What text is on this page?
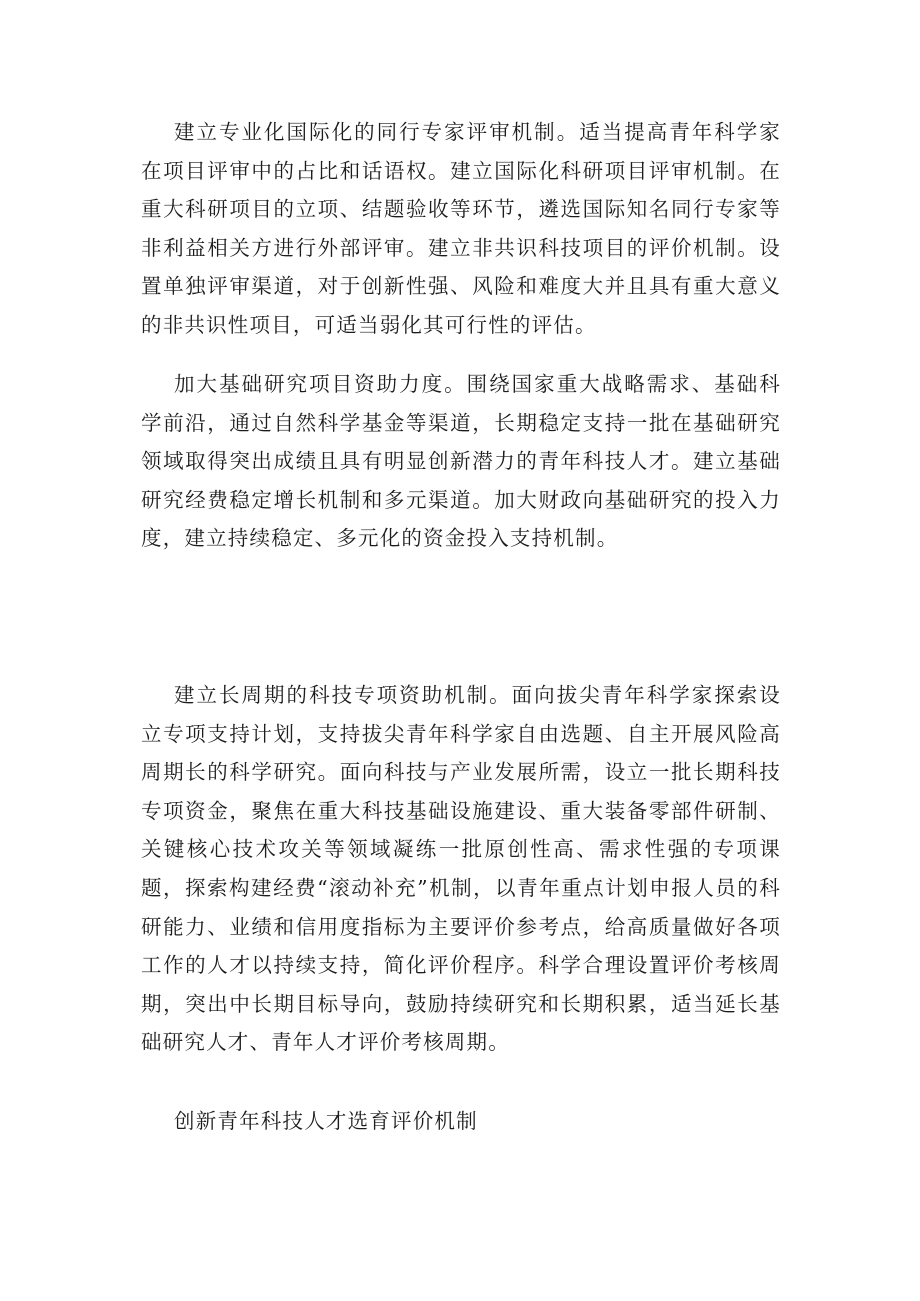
建立专业化国际化的同行专家评审机制。适当提高青年科学家在项目评审中的占比和话语权。建立国际化科研项目评审机制。在重大科研项目的立项、结题验收等环节，遴选国际知名同行专家等非利益相关方进行外部评审。建立非共识科技项目的评价机制。设置单独评审渠道，对于创新性强、风险和难度大并且具有重大意义的非共识性项目，可适当弱化其可行性的评估。

加大基础研究项目资助力度。围绕国家重大战略需求、基础科学前沿，通过自然科学基金等渠道，长期稳定支持一批在基础研究领域取得突出成绩且具有明显创新潜力的青年科技人才。建立基础研究经费稳定增长机制和多元渠道。加大财政向基础研究的投入力度，建立持续稳定、多元化的资金投入支持机制。

建立长周期的科技专项资助机制。面向拔尖青年科学家探索设立专项支持计划，支持拔尖青年科学家自由选题、自主开展风险高周期长的科学研究。面向科技与产业发展所需，设立一批长期科技专项资金，聚焦在重大科技基础设施建设、重大装备零部件研制、关键核心技术攻关等领域凝练一批原创性高、需求性强的专项课题，探索构建经费“滚动补充”机制，以青年重点计划申报人员的科研能力、业绩和信用度指标为主要评价参考点，给高质量做好各项工作的人才以持续支持，简化评价程序。科学合理设置评价考核周期，突出中长期目标导向，鼓励持续研究和长期积累，适当延长基础研究人才、青年人才评价考核周期。

创新青年科技人才选育评价机制
